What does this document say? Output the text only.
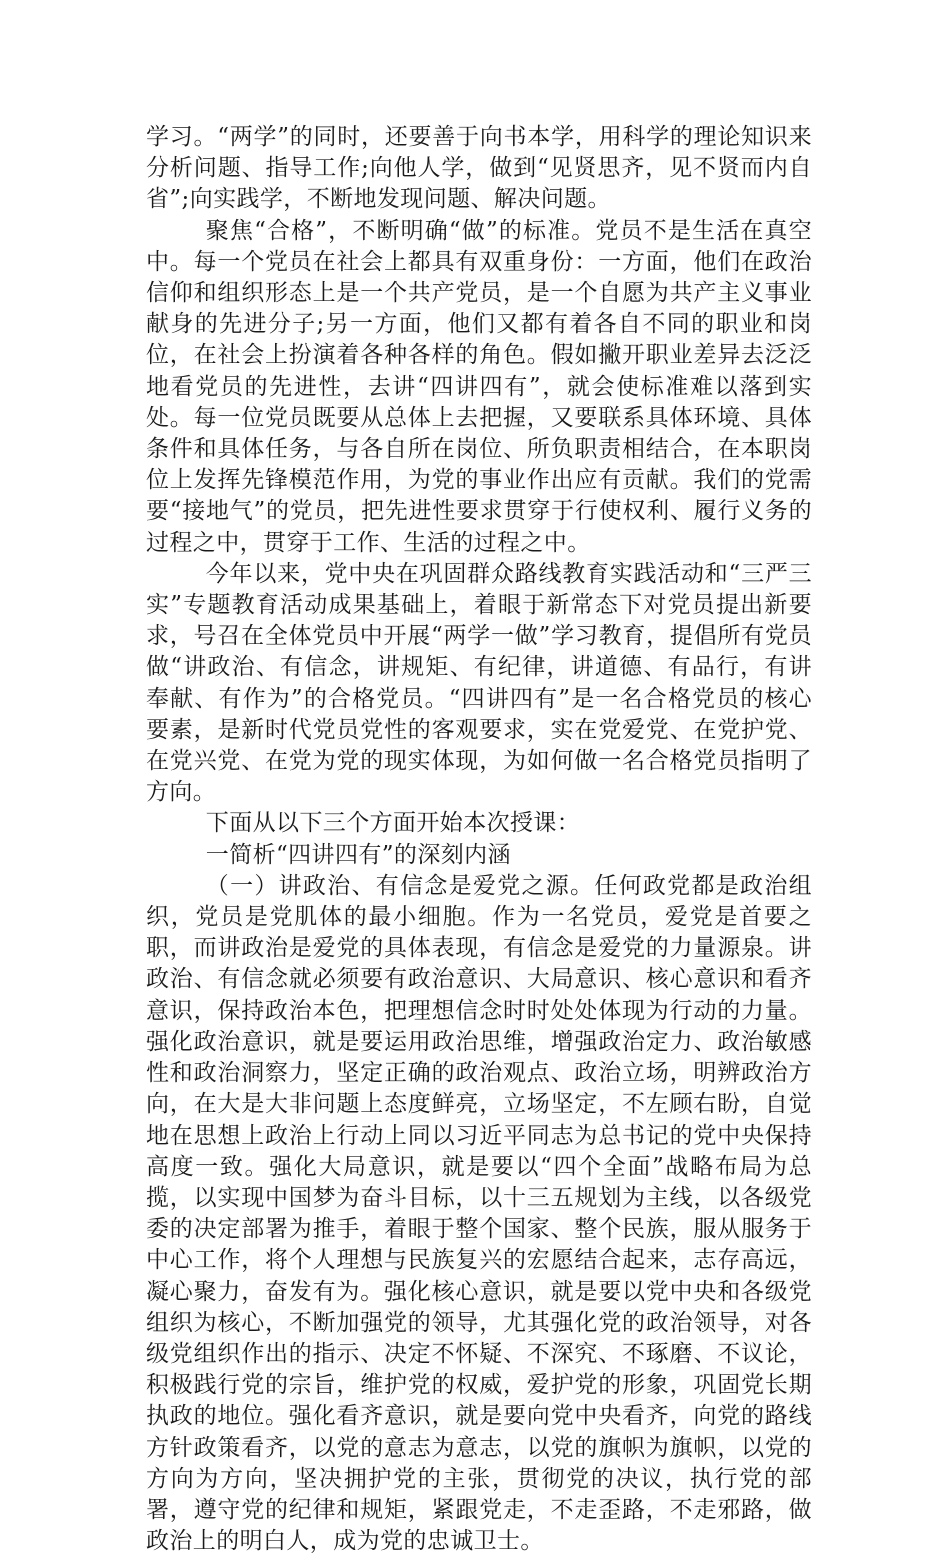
学习。“两学”的同时，还要善于向书本学，用科学的理论知识来分析问题、指导工作;向他人学，做到“见贤思齐，见不贤而内自省”;向实践学，不断地发现问题、解决问题。

聚焦“合格”，不断明确“做”的标准。党员不是生活在真空中。每一个党员在社会上都具有双重身份：一方面，他们在政治信仰和组织形态上是一个共产党员，是一个自愿为共产主义事业献身的先进分子;另一方面，他们又都有着各自不同的职业和岗位，在社会上扮演着各种各样的角色。假如撇开职业差异去泛泛地看党员的先进性，去讲“四讲四有”，就会使标准难以落到实处。每一位党员既要从总体上去把握，又要联系具体环境、具体条件和具体任务，与各自所在岗位、所负职责相结合，在本职岗位上发挥先锋模范作用，为党的事业作出应有贡献。我们的党需要“接地气”的党员，把先进性要求贯穿于行使权利、履行义务的过程之中，贯穿于工作、生活的过程之中。

今年以来，党中央在巩固群众路线教育实践活动和“三严三实”专题教育活动成果基础上，着眼于新常态下对党员提出新要求，号召在全体党员中开展“两学一做”学习教育，提倡所有党员做“讲政治、有信念，讲规矩、有纪律，讲道德、有品行，有讲奉献、有作为”的合格党员。“四讲四有”是一名合格党员的核心要素，是新时代党员党性的客观要求，实在党爱党、在党护党、在党兴党、在党为党的现实体现，为如何做一名合格党员指明了方向。

下面从以下三个方面开始本次授课：

一简析“四讲四有”的深刻内涵

（一）讲政治、有信念是爱党之源。任何政党都是政治组织，党员是党肌体的最小细胞。作为一名党员，爱党是首要之职，而讲政治是爱党的具体表现，有信念是爱党的力量源泉。讲政治、有信念就必须要有政治意识、大局意识、核心意识和看齐意识，保持政治本色，把理想信念时时处处体现为行动的力量。强化政治意识，就是要运用政治思维，增强政治定力、政治敏感性和政治洞察力，坚定正确的政治观点、政治立场，明辨政治方向，在大是大非问题上态度鲜亮，立场坚定，不左顾右盼，自觉地在思想上政治上行动上同以习近平同志为总书记的党中央保持高度一致。强化大局意识，就是要以“四个全面”战略布局为总揽，以实现中国梦为奋斗目标，以十三五规划为主线，以各级党委的决定部署为推手，着眼于整个国家、整个民族，服从服务于中心工作，将个人理想与民族复兴的宏愿结合起来，志存高远，凝心聚力，奋发有为。强化核心意识，就是要以党中央和各级党组织为核心，不断加强党的领导，尤其强化党的政治领导，对各级党组织作出的指示、决定不怀疑、不深究、不琢磨、不议论，积极践行党的宗旨，维护党的权威，爱护党的形象，巩固党长期执政的地位。强化看齐意识，就是要向党中央看齐，向党的路线方针政策看齐，以党的意志为意志，以党的旗帜为旗帜，以党的方向为方向，坚决拥护党的主张，贯彻党的决议，执行党的部署，遵守党的纪律和规矩，紧跟党走，不走歪路，不走邪路，做政治上的明白人，成为党的忠诚卫士。
